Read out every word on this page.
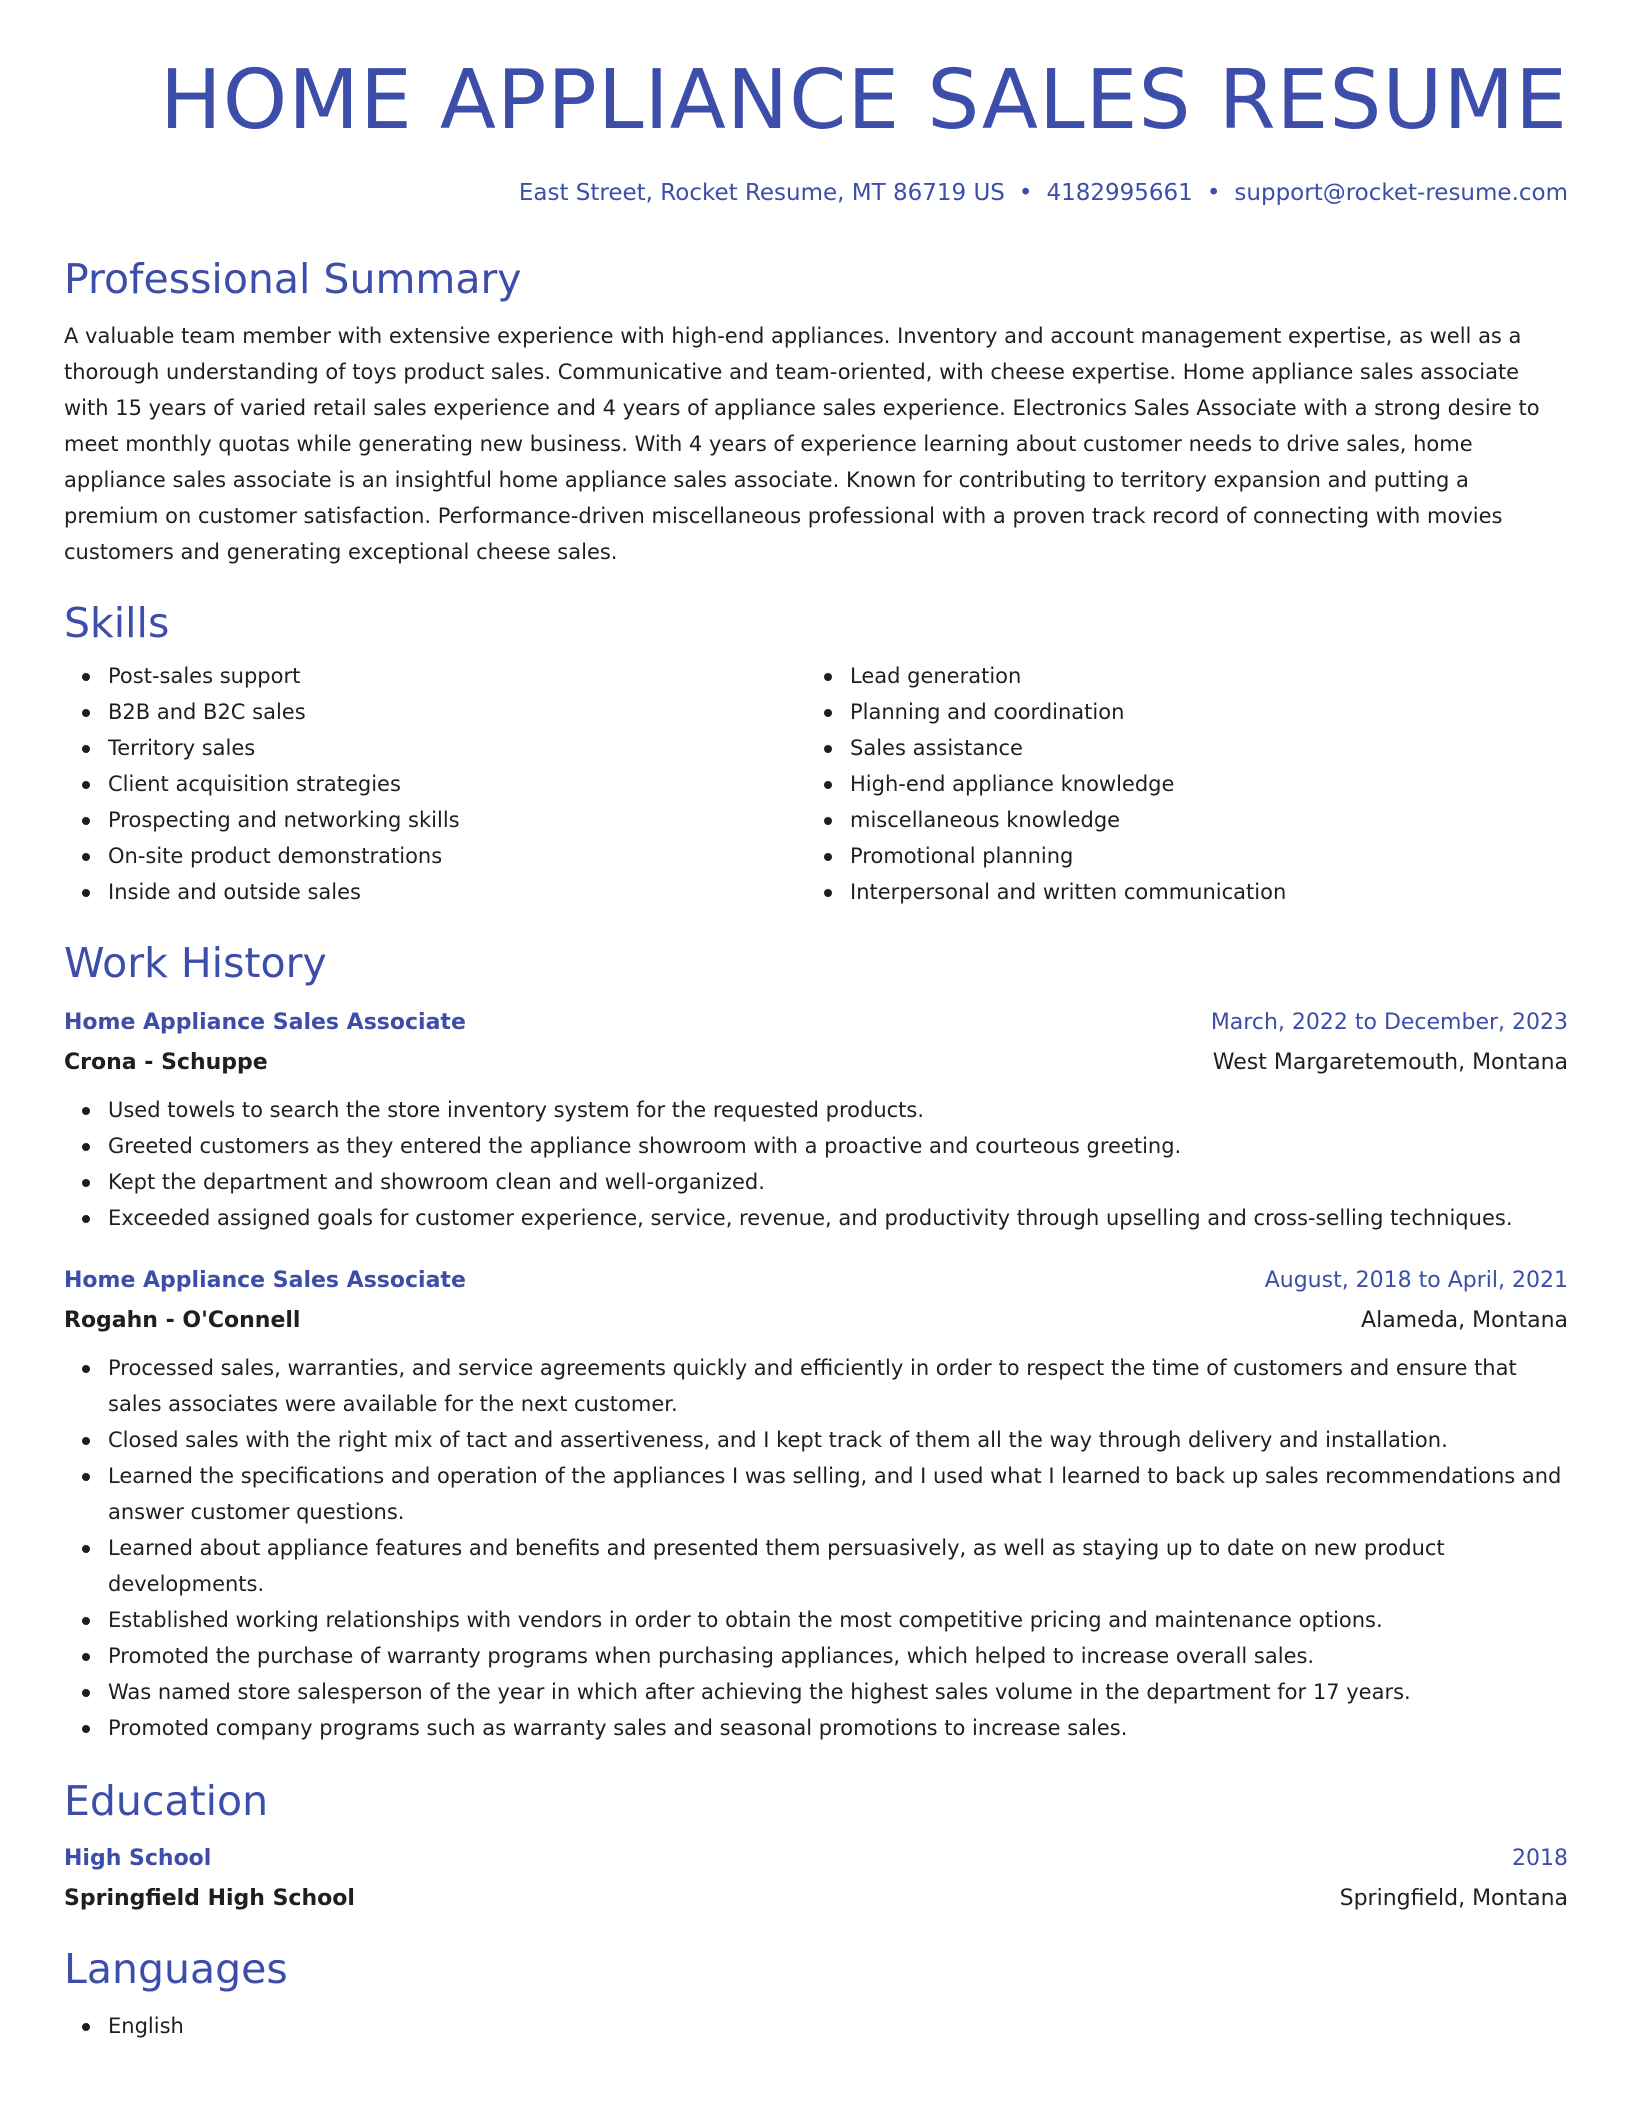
HOME APPLIANCE SALES RESUME
East Street, Rocket Resume, MT 86719 US • 4182995661 • support@rocket-resume.com
Professional Summary

A valuable team member with extensive experience with high-end appliances. Inventory and account management expertise, as well as a thorough understanding of toys product sales. Communicative and team-oriented, with cheese expertise. Home appliance sales associate with 15 years of varied retail sales experience and 4 years of appliance sales experience. Electronics Sales Associate with a strong desire to meet monthly quotas while generating new business. With 4 years of experience learning about customer needs to drive sales, home appliance sales associate is an insightful home appliance sales associate. Known for contributing to territory expansion and putting a premium on customer satisfaction. Performance-driven miscellaneous professional with a proven track record of connecting with movies customers and generating exceptional cheese sales.

Skills
Post-sales support
B2B and B2C sales
Territory sales
Client acquisition strategies
Prospecting and networking skills
On-site product demonstrations
Inside and outside sales
Lead generation
Planning and coordination
Sales assistance
High-end appliance knowledge
miscellaneous knowledge
Promotional planning
Interpersonal and written communication
Work History
Home Appliance Sales Associate	March, 2022 to December, 2023
Crona - Schuppe	West Margaretemouth, Montana
Used towels to search the store inventory system for the requested products.
Greeted customers as they entered the appliance showroom with a proactive and courteous greeting.
Kept the department and showroom clean and well-organized.
Exceeded assigned goals for customer experience, service, revenue, and productivity through upselling and cross-selling techniques.
Home Appliance Sales Associate	August, 2018 to April, 2021
Rogahn - O'Connell	Alameda, Montana
Processed sales, warranties, and service agreements quickly and efficiently in order to respect the time of customers and ensure that sales associates were available for the next customer.
Closed sales with the right mix of tact and assertiveness, and I kept track of them all the way through delivery and installation.
Learned the specifications and operation of the appliances I was selling, and I used what I learned to back up sales recommendations and answer customer questions.
Learned about appliance features and benefits and presented them persuasively, as well as staying up to date on new product developments.
Established working relationships with vendors in order to obtain the most competitive pricing and maintenance options.
Promoted the purchase of warranty programs when purchasing appliances, which helped to increase overall sales.
Was named store salesperson of the year in which after achieving the highest sales volume in the department for 17 years.
Promoted company programs such as warranty sales and seasonal promotions to increase sales.
Education
High School	2018
Springfield High School	Springfield, Montana
Languages
English
